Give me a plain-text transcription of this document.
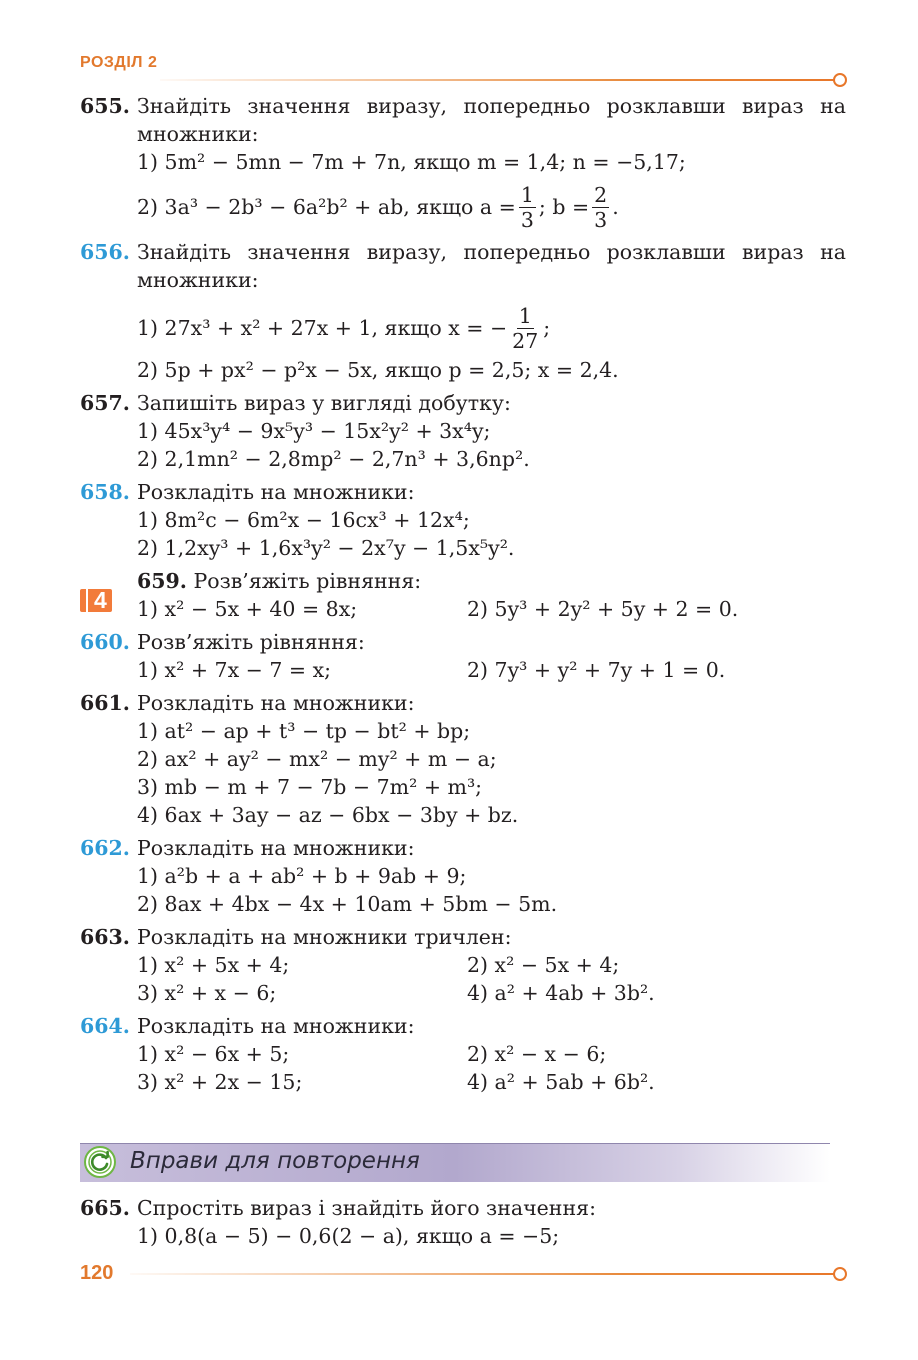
РОЗДІЛ 2
4
655. Знайдіть значення виразу, попередньо розклавши вираз на множники:
1) 5m² − 5mn − 7m + 7n, якщо m = 1,4; n = −5,17;
2) 3a³ − 2b³ − 6a²b² + ab, якщо $a = \frac{1}{3}$ ; $b = \frac{2}{3}$ .
656. Знайдіть значення виразу, попередньо розклавши вираз на множники:
1) 27x³ + x² + 27x + 1, якщо x = − $\frac{1}{27}$ ;
2) 5p + px² − p²x − 5x, якщо p = 2,5; x = 2,4.
657. Запишіть вираз у вигляді добутку:
1) 45x³y⁴ − 9x⁵y³ − 15x²y² + 3x⁴y;
2) 2,1mn² − 2,8mp² − 2,7n³ + 3,6np².
658. Розкладіть на множники:
1) 8m²c − 6m²x − 16cx³ + 12x⁴;
2) 1,2xy³ + 1,6x³y² − 2x⁷y − 1,5x⁵y².
659. Розв’яжіть рівняння:
1) x² − 5x + 40 = 8x;	2) 5y³ + 2y² + 5y + 2 = 0.
660. Розв’яжіть рівняння:
1) x² + 7x − 7 = x;	2) 7y³ + y² + 7y + 1 = 0.
661. Розкладіть на множники:
1) at² − ap + t³ − tp − bt² + bp;
2) ax² + ay² − mx² − my² + m − a;
3) mb − m + 7 − 7b − 7m² + m³;
4) 6ax + 3ay − az − 6bx − 3by + bz.
662. Розкладіть на множники:
1) a²b + a + ab² + b + 9ab + 9;
2) 8ax + 4bx − 4x + 10am + 5bm − 5m.
663. Розкладіть на множники тричлен:
1) x² + 5x + 4;	2) x² − 5x + 4;
3) x² + x − 6;	4) a² + 4ab + 3b².
664. Розкладіть на множники:
1) x² − 6x + 5;	2) x² − x − 6;
3) x² + 2x − 15;	4) a² + 5ab + 6b².
Вправи для повторення
665. Спростіть вираз і знайдіть його значення:
1) 0,8(a − 5) − 0,6(2 − a), якщо a = −5;
120
